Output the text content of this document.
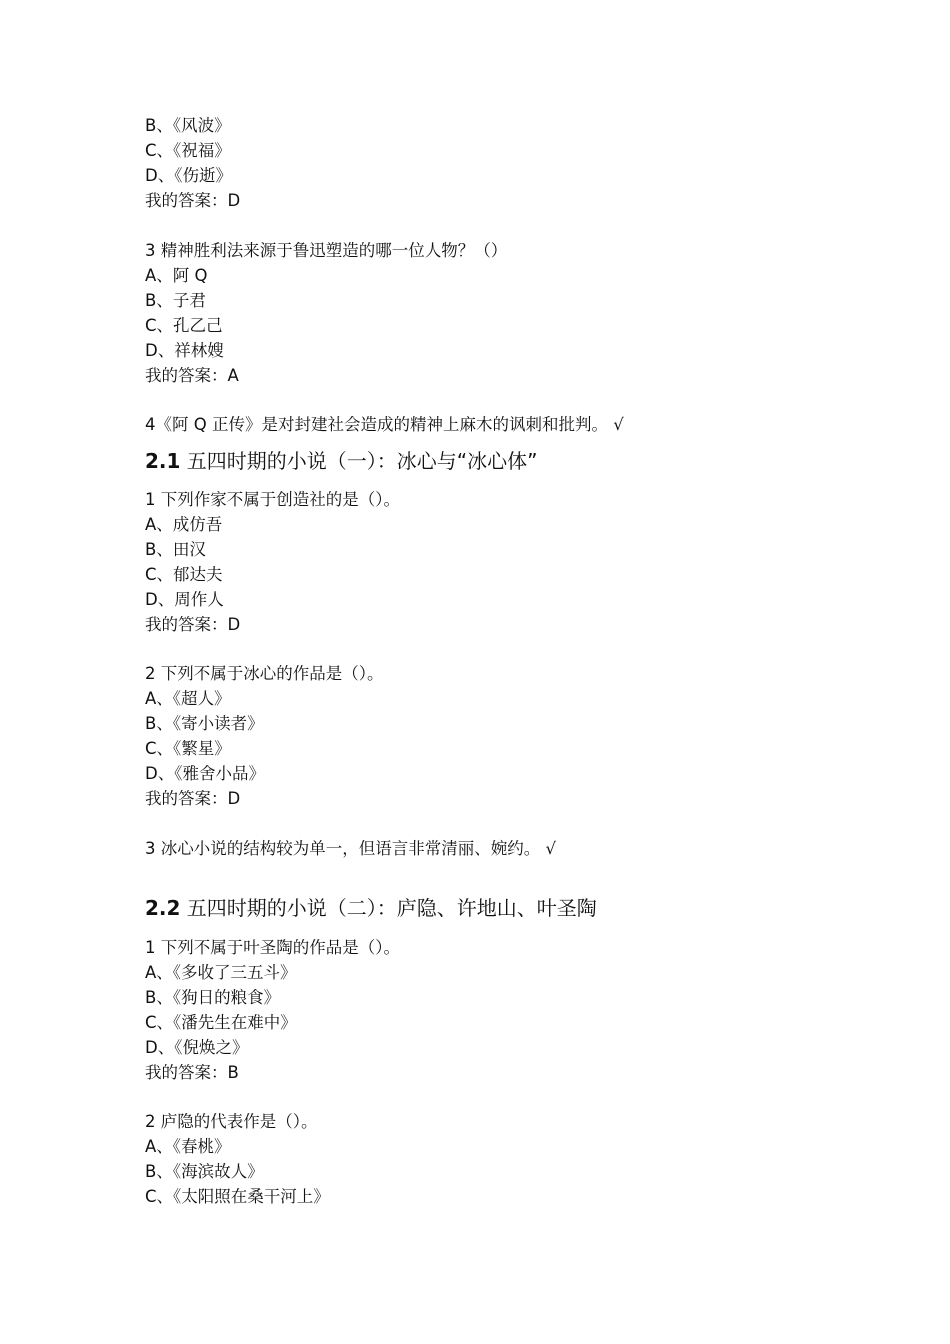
B、《风波》
C、《祝福》
D、《伤逝》
我的答案：D
3 精神胜利法来源于鲁迅塑造的哪一位人物？（）
A、阿 Q
B、子君
C、孔乙己
D、祥林嫂
我的答案：A
4《阿 Q 正传》是对封建社会造成的精神上麻木的讽刺和批判。 √
2.1 五四时期的小说（一）：冰心与“冰心体”
1 下列作家不属于创造社的是（）。
A、成仿吾
B、田汉
C、郁达夫
D、周作人
我的答案：D
2 下列不属于冰心的作品是（）。
A、《超人》
B、《寄小读者》
C、《繁星》
D、《雅舍小品》
我的答案：D
3 冰心小说的结构较为单一，但语言非常清丽、婉约。 √
2.2 五四时期的小说（二）：庐隐、许地山、叶圣陶
1 下列不属于叶圣陶的作品是（）。
A、《多收了三五斗》
B、《狗日的粮食》
C、《潘先生在难中》
D、《倪焕之》
我的答案：B
2 庐隐的代表作是（）。
A、《春桃》
B、《海滨故人》
C、《太阳照在桑干河上》
